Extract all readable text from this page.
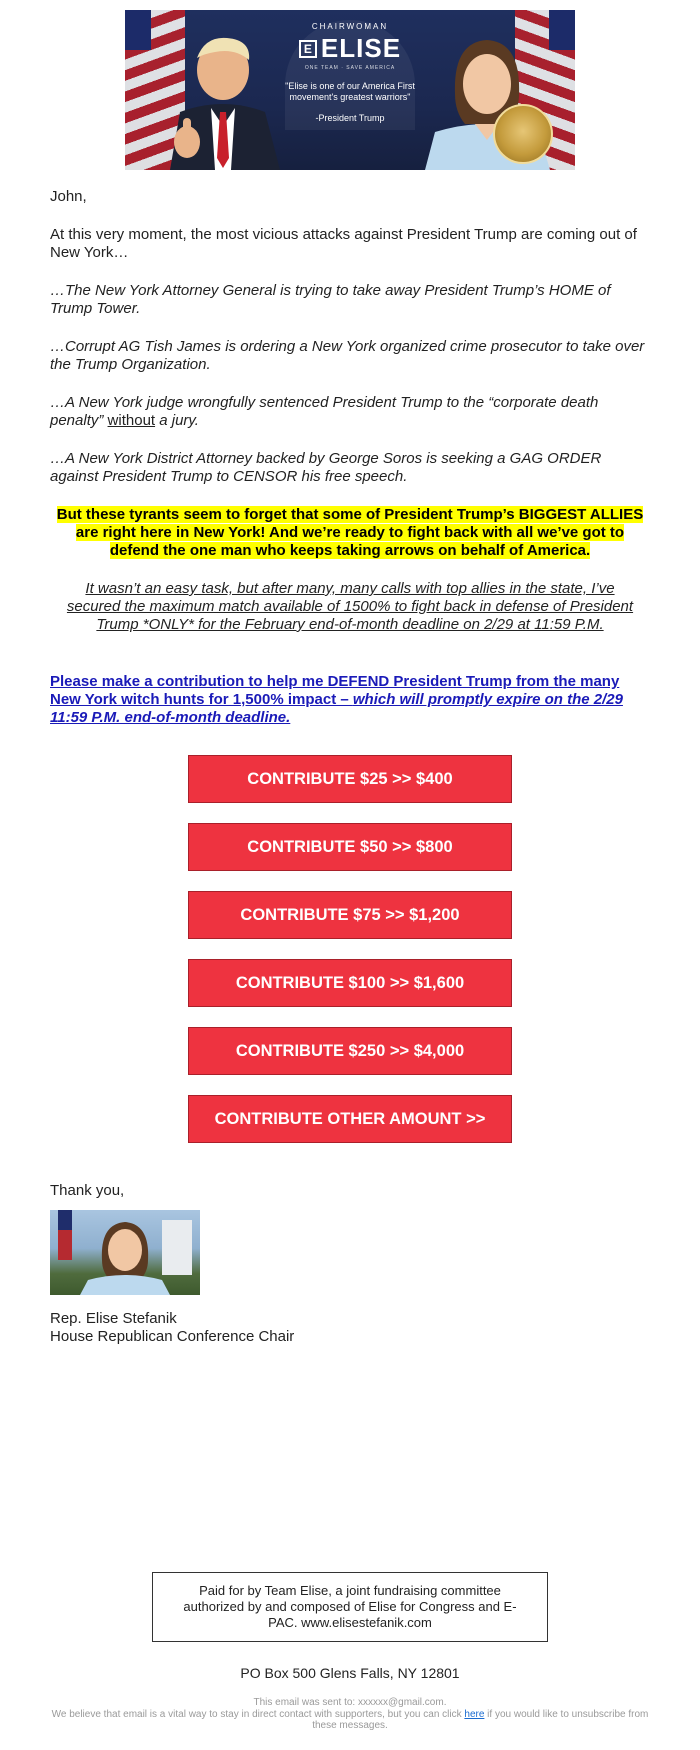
CHAIRWOMAN
E ELISE
ONE TEAM · SAVE AMERICA
"Elise is one of our America First movement's greatest warriors"
-President Trump
John,
At this very moment, the most vicious attacks against President Trump are coming out of New York…
…The New York Attorney General is trying to take away President Trump’s HOME of Trump Tower.
…Corrupt AG Tish James is ordering a New York organized crime prosecutor to take over the Trump Organization.
…A New York judge wrongfully sentenced President Trump to the “corporate death penalty” without a jury.
…A New York District Attorney backed by George Soros is seeking a GAG ORDER against President Trump to CENSOR his free speech.
But these tyrants seem to forget that some of President Trump’s BIGGEST ALLIES are right here in New York! And we’re ready to fight back with all we’ve got to defend the one man who keeps taking arrows on behalf of America.
It wasn’t an easy task, but after many, many calls with top allies in the state, I’ve secured the maximum match available of 1500% to fight back in defense of President Trump *ONLY* for the February end-of-month deadline on 2/29 at 11:59 P.M.
Please make a contribution to help me DEFEND President Trump from the many New York witch hunts for 1,500% impact – which will promptly expire on the 2/29 11:59 P.M. end-of-month deadline.
CONTRIBUTE $25 >> $400
CONTRIBUTE $50 >> $800
CONTRIBUTE $75 >> $1,200
CONTRIBUTE $100 >> $1,600
CONTRIBUTE $250 >> $4,000
CONTRIBUTE OTHER AMOUNT >>
Thank you,
Rep. Elise Stefanik
House Republican Conference Chair
Paid for by Team Elise, a joint fundraising committee authorized by and composed of Elise for Congress and E-PAC. www.elisestefanik.com
PO Box 500 Glens Falls, NY 12801
This email was sent to: xxxxxx@gmail.com.
We believe that email is a vital way to stay in direct contact with supporters, but you can click here if you would like to unsubscribe from these messages.
